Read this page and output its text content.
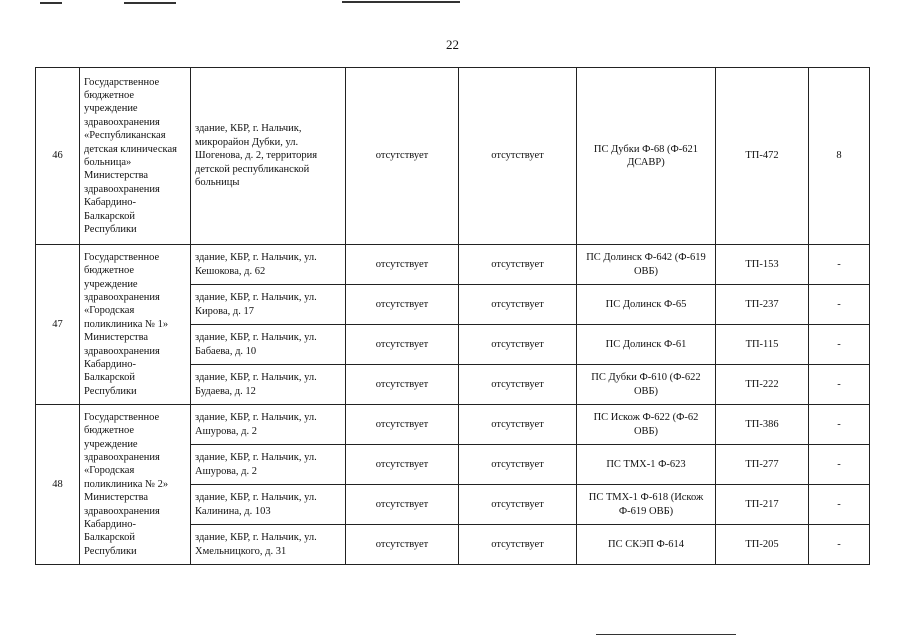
22
46	Государственное бюджетное учреждение здравоохранения «Республиканская детская клиническая больница» Министерства здравоохранения Кабардино-Балкарской Республики	здание, КБР, г. Нальчик, микрорайон Дубки, ул. Шогенова, д. 2, территория детской республиканской больницы	отсутствует	отсутствует	ПС Дубки Ф-68 (Ф-621 ДСАВР)	ТП-472	8
47	Государственное бюджетное учреждение здравоохранения «Городская поликлиника № 1» Министерства здравоохранения Кабардино-Балкарской Республики	здание, КБР, г. Нальчик, ул. Кешокова, д. 62	отсутствует	отсутствует	ПС Долинск Ф-642 (Ф-619 ОВБ)	ТП-153	-
		здание, КБР, г. Нальчик, ул. Кирова, д. 17	отсутствует	отсутствует	ПС Долинск Ф-65	ТП-237	-
		здание, КБР, г. Нальчик, ул. Бабаева, д. 10	отсутствует	отсутствует	ПС Долинск Ф-61	ТП-115	-
		здание, КБР, г. Нальчик, ул. Будаева, д. 12	отсутствует	отсутствует	ПС Дубки Ф-610 (Ф-622 ОВБ)	ТП-222	-
48	Государственное бюджетное учреждение здравоохранения «Городская поликлиника № 2» Министерства здравоохранения Кабардино-Балкарской Республики	здание, КБР, г. Нальчик, ул. Ашурова, д. 2	отсутствует	отсутствует	ПС Искож Ф-622 (Ф-62 ОВБ)	ТП-386	-
		здание, КБР, г. Нальчик, ул. Ашурова, д. 2	отсутствует	отсутствует	ПС ТМХ-1 Ф-623	ТП-277	-
		здание, КБР, г. Нальчик, ул. Калинина, д. 103	отсутствует	отсутствует	ПС ТМХ-1 Ф-618 (Искож Ф-619 ОВБ)	ТП-217	-
		здание, КБР, г. Нальчик, ул. Хмельницкого, д. 31	отсутствует	отсутствует	ПС СКЭП Ф-614	ТП-205	-
